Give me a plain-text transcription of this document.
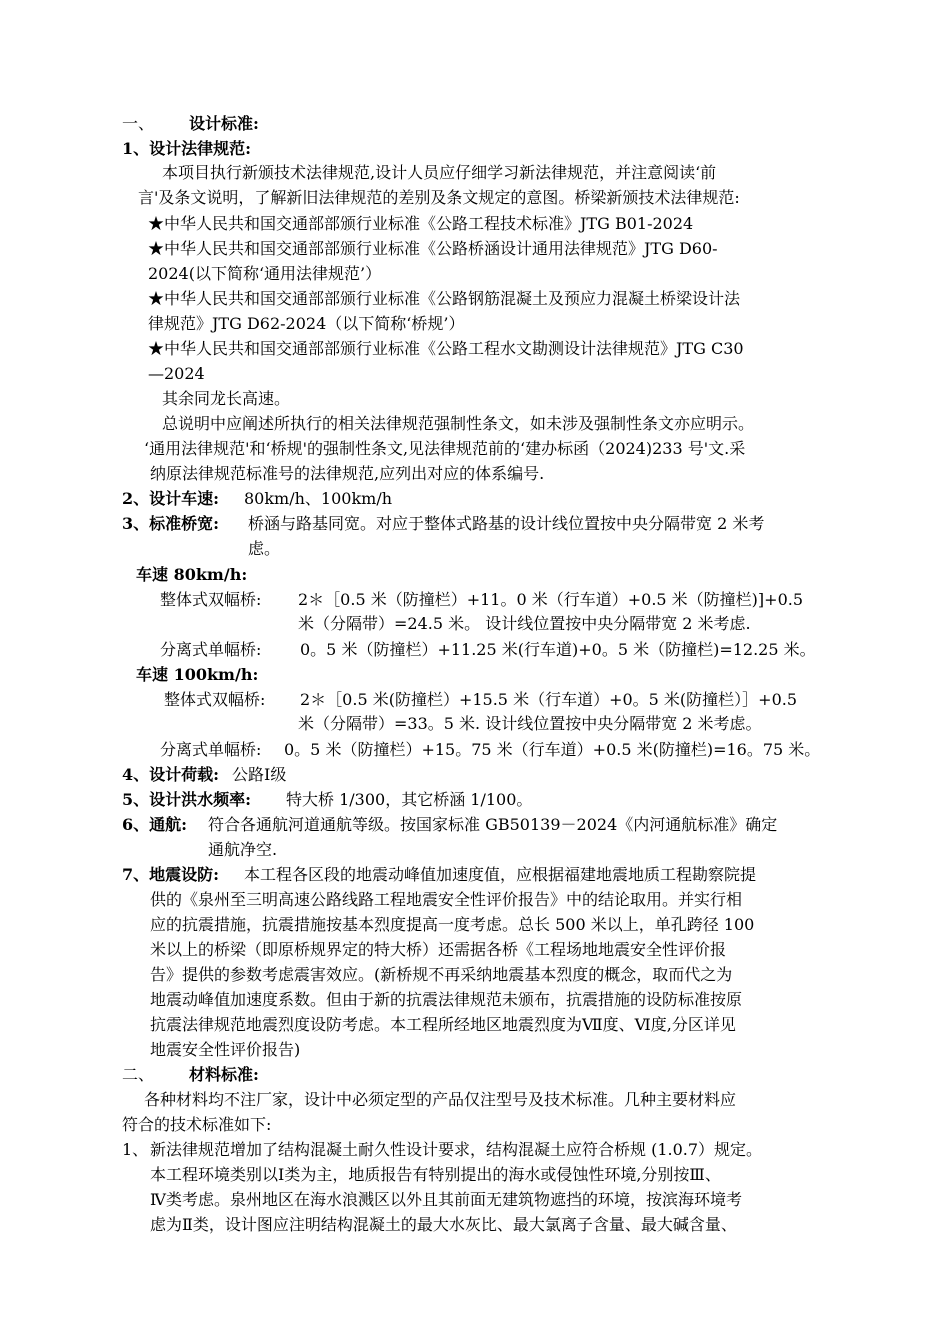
一、 设计标准:
1、设计法律规范:
本项目执行新颁技术法律规范,设计人员应仔细学习新法律规范，并注意阅读‘前
言'及条文说明，了解新旧法律规范的差别及条文规定的意图。桥梁新颁技术法律规范:
★中华人民共和国交通部部颁行业标准《公路工程技术标准》JTG B01-2024
★中华人民共和国交通部部颁行业标准《公路桥涵设计通用法律规范》JTG D60-
2024(以下简称‘通用法律规范’）
★中华人民共和国交通部部颁行业标准《公路钢筋混凝土及预应力混凝土桥梁设计法
律规范》JTG D62-2024（以下简称‘桥规’）
★中华人民共和国交通部部颁行业标准《公路工程水文勘测设计法律规范》JTG C30
—2024
其余同龙长高速。
总说明中应阐述所执行的相关法律规范强制性条文，如未涉及强制性条文亦应明示。
‘通用法律规范'和‘桥规'的强制性条文,见法律规范前的‘建办标函（2024)233 号'文.采
纳原法律规范标准号的法律规范,应列出对应的体系编号.
2、设计车速: 80km/h、100km/h
3、标准桥宽: 桥涵与路基同宽。对应于整体式路基的设计线位置按中央分隔带宽 2 米考
虑。
车速 80km/h:
整体式双幅桥: 2＊［0.5 米（防撞栏）+11。0 米（行车道）+0.5 米（防撞栏)]+0.5
米（分隔带）=24.5 米。 设计线位置按中央分隔带宽 2 米考虑.
分离式单幅桥: 0。5 米（防撞栏）+11.25 米(行车道)+0。5 米（防撞栏)=12.25 米。
车速 100km/h:
整体式双幅桥: 2＊［0.5 米(防撞栏）+15.5 米（行车道）+0。5 米(防撞栏）］+0.5
米（分隔带）=33。5 米. 设计线位置按中央分隔带宽 2 米考虑。
分离式单幅桥: 0。5 米（防撞栏）+15。75 米（行车道）+0.5 米(防撞栏)=16。75 米。
4、设计荷载: 公路Ⅰ级
5、设计洪水频率: 特大桥 1/300，其它桥涵 1/100。
6、通航: 符合各通航河道通航等级。按国家标准 GB50139－2024《内河通航标准》确定
通航净空.
7、地震设防: 本工程各区段的地震动峰值加速度值，应根据福建地震地质工程勘察院提
供的《泉州至三明高速公路线路工程地震安全性评价报告》中的结论取用。并实行相
应的抗震措施，抗震措施按基本烈度提高一度考虑。总长 500 米以上，单孔跨径 100
米以上的桥梁（即原桥规界定的特大桥）还需据各桥《工程场地地震安全性评价报
告》提供的参数考虑震害效应。(新桥规不再采纳地震基本烈度的概念，取而代之为
地震动峰值加速度系数。但由于新的抗震法律规范未颁布，抗震措施的设防标准按原
抗震法律规范地震烈度设防考虑。本工程所经地区地震烈度为Ⅶ度、Ⅵ度,分区详见
地震安全性评价报告)
二、 材料标准:
各种材料均不注厂家，设计中必须定型的产品仅注型号及技术标准。几种主要材料应
符合的技术标准如下:
1、 新法律规范增加了结构混凝土耐久性设计要求，结构混凝土应符合桥规 (1.0.7）规定。
本工程环境类别以Ⅰ类为主，地质报告有特别提出的海水或侵蚀性环境,分别按Ⅲ、
Ⅳ类考虑。泉州地区在海水浪溅区以外且其前面无建筑物遮挡的环境，按滨海环境考
虑为Ⅱ类，设计图应注明结构混凝土的最大水灰比、最大氯离子含量、最大碱含量、
